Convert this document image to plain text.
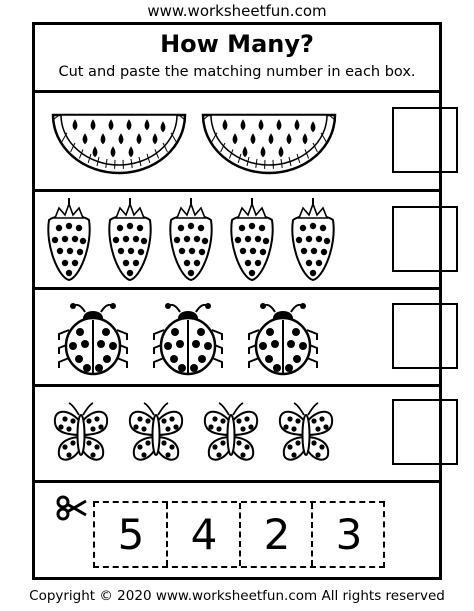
www.worksheetfun.com
How Many?
Cut and paste the matching number in each box.
5	4	2	3
Copyright © 2020 www.worksheetfun.com All rights reserved
